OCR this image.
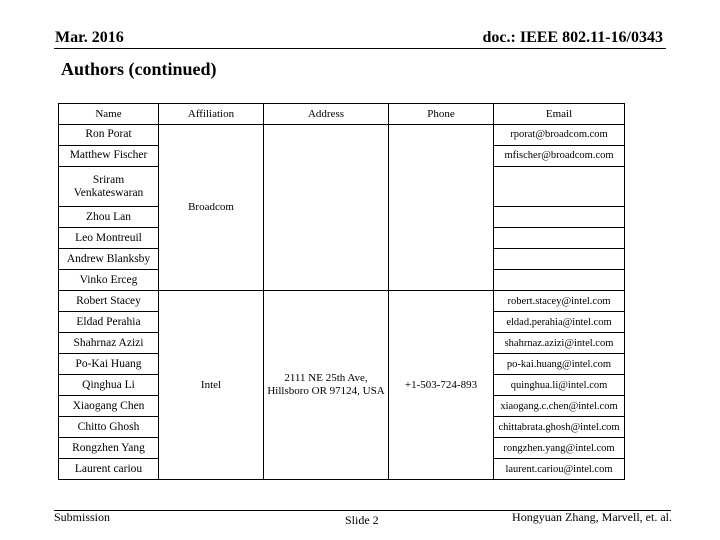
Mar. 2016	doc.: IEEE 802.11-16/0343
Authors (continued)
Name	Affiliation	Address	Phone	Email
Ron Porat	Broadcom			rporat@broadcom.com
Matthew Fischer				mfischer@broadcom.com
Sriram Venkateswaran				
Zhou Lan				
Leo Montreuil				
Andrew Blanksby				
Vinko Erceg				
Robert Stacey	Intel	2111 NE 25th Ave, Hillsboro OR 97124, USA	+1-503-724-893	robert.stacey@intel.com
Eldad Perahia				eldad.perahia@intel.com
Shahrnaz Azizi				shahrnaz.azizi@intel.com
Po-Kai Huang				po-kai.huang@intel.com
Qinghua Li				quinghua.li@intel.com
Xiaogang Chen				xiaogang.c.chen@intel.com
Chitto Ghosh				chittabrata.ghosh@intel.com
Rongzhen Yang				rongzhen.yang@intel.com
Laurent cariou				laurent.cariou@intel.com
Submission	Slide 2	Hongyuan Zhang, Marvell, et. al.
